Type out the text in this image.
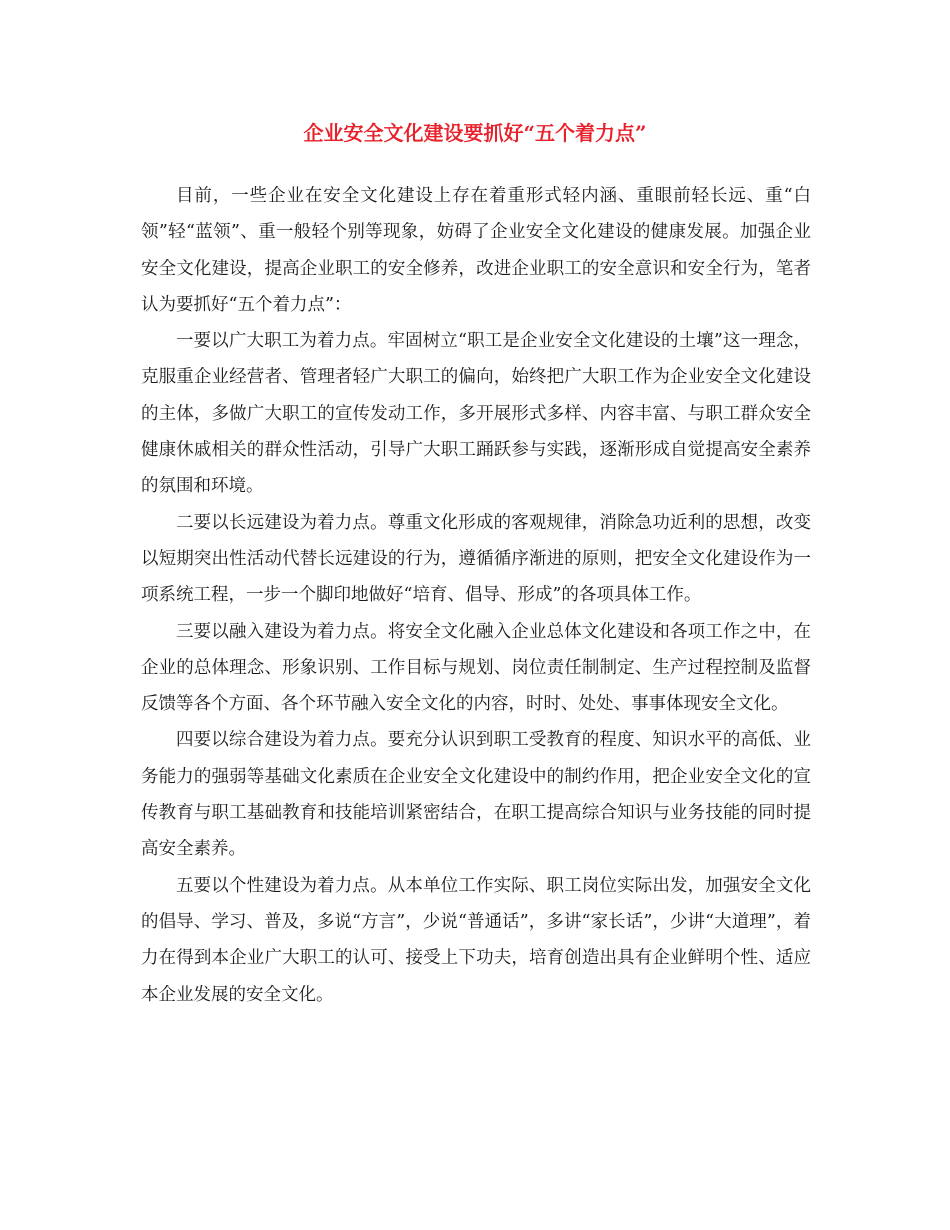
企业安全文化建设要抓好“五个着力点”

目前，一些企业在安全文化建设上存在着重形式轻内涵、重眼前轻长远、重“白领”轻“蓝领”、重一般轻个别等现象，妨碍了企业安全文化建设的健康发展。加强企业安全文化建设，提高企业职工的安全修养，改进企业职工的安全意识和安全行为，笔者认为要抓好“五个着力点”：

一要以广大职工为着力点。牢固树立“职工是企业安全文化建设的土壤”这一理念，克服重企业经营者、管理者轻广大职工的偏向，始终把广大职工作为企业安全文化建设的主体，多做广大职工的宣传发动工作，多开展形式多样、内容丰富、与职工群众安全健康休戚相关的群众性活动，引导广大职工踊跃参与实践，逐渐形成自觉提高安全素养的氛围和环境。

二要以长远建设为着力点。尊重文化形成的客观规律，消除急功近利的思想，改变以短期突出性活动代替长远建设的行为，遵循循序渐进的原则，把安全文化建设作为一项系统工程，一步一个脚印地做好“培育、倡导、形成”的各项具体工作。

三要以融入建设为着力点。将安全文化融入企业总体文化建设和各项工作之中，在企业的总体理念、形象识别、工作目标与规划、岗位责任制制定、生产过程控制及监督反馈等各个方面、各个环节融入安全文化的内容，时时、处处、事事体现安全文化。

四要以综合建设为着力点。要充分认识到职工受教育的程度、知识水平的高低、业务能力的强弱等基础文化素质在企业安全文化建设中的制约作用，把企业安全文化的宣传教育与职工基础教育和技能培训紧密结合，在职工提高综合知识与业务技能的同时提高安全素养。

五要以个性建设为着力点。从本单位工作实际、职工岗位实际出发，加强安全文化的倡导、学习、普及，多说“方言”，少说“普通话”，多讲“家长话”，少讲“大道理”，着力在得到本企业广大职工的认可、接受上下功夫，培育创造出具有企业鲜明个性、适应本企业发展的安全文化。
